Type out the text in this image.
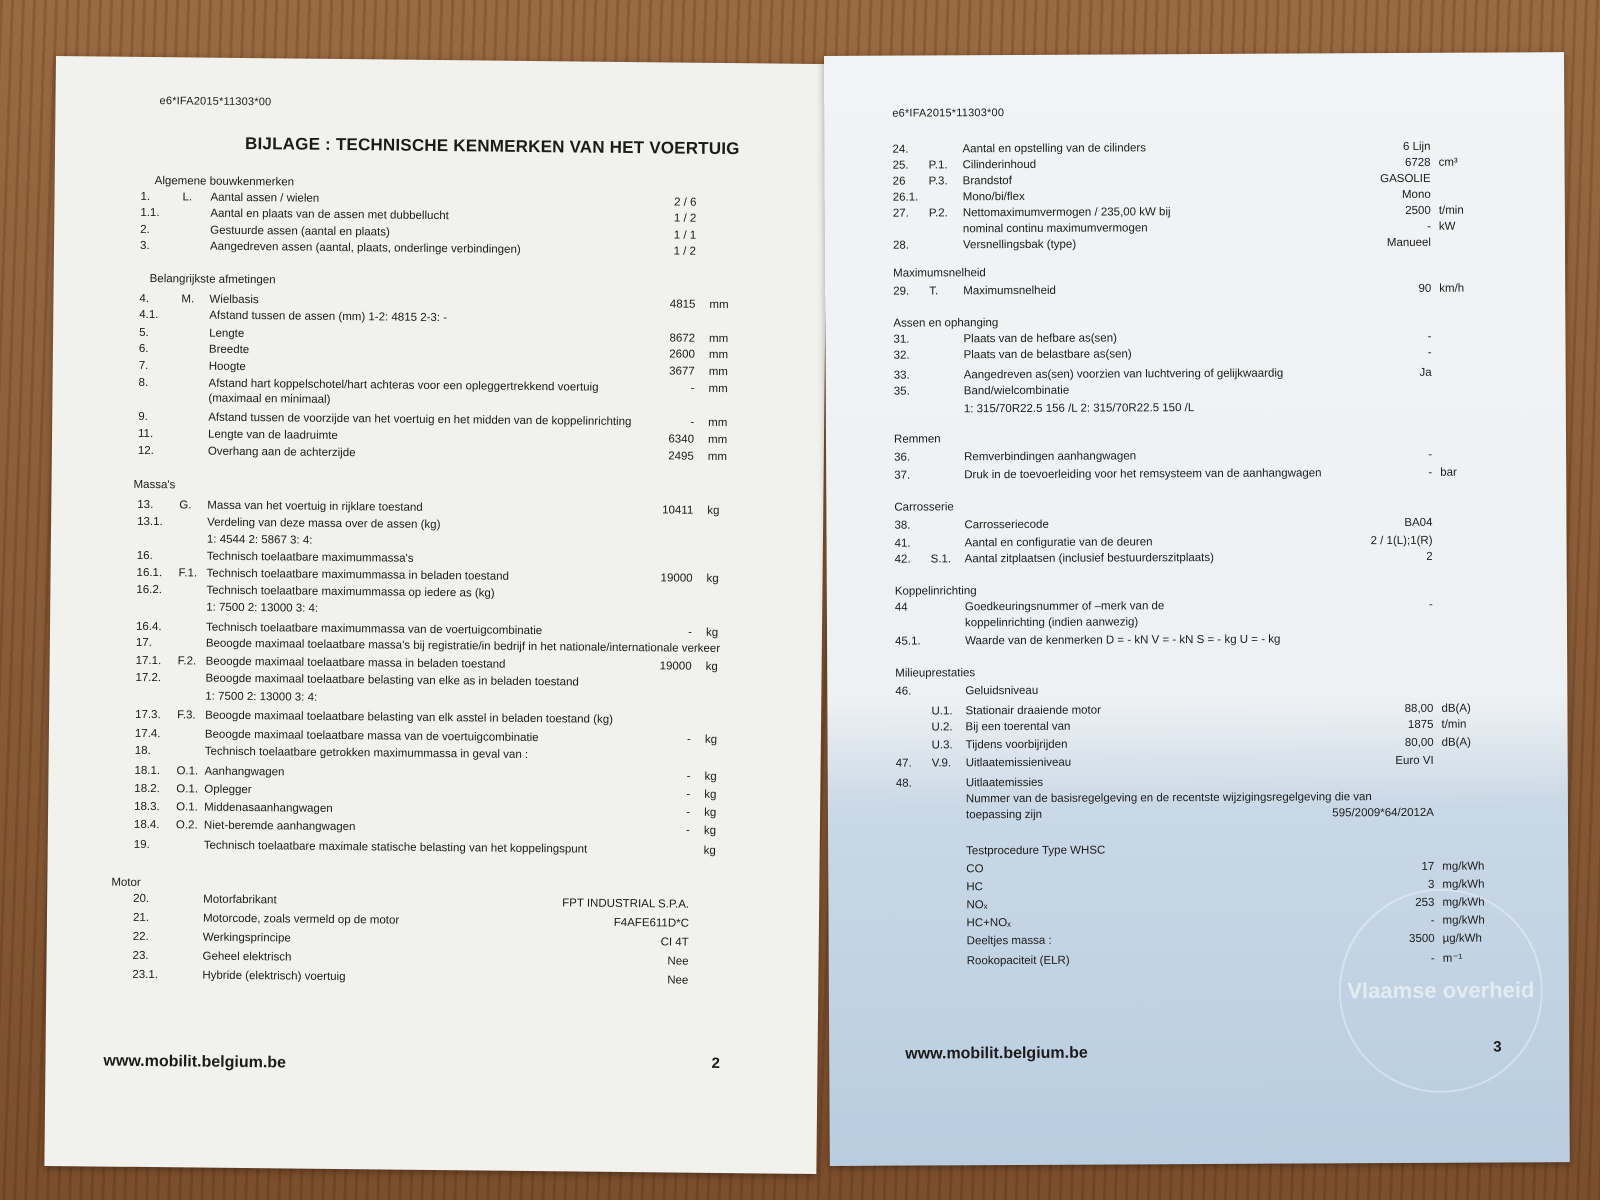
e6*IFA2015*11303*00
BIJLAGE : TECHNISCHE KENMERKEN VAN HET VOERTUIG
Algemene bouwkenmerken
Belangrijkste afmetingen
Massa's
Motor
1.	L. Aantal assen / wielen	2 / 6
1.1.	Aantal en plaats van de assen met dubbellucht	1 / 2
2.	Gestuurde assen (aantal en plaats)	1 / 1
3.	Aangedreven assen (aantal, plaats, onderlinge verbindingen)	1 / 2
4.	M. Wielbasis	4815 mm
4.1.	Afstand tussen de assen (mm) 1-2: 4815 2-3: -
5.	Lengte	8672 mm
6.	Breedte	2600 mm
7.	Hoogte	3677 mm
8.	Afstand hart koppelschotel/hart achteras voor een opleggertrekkend voertuig	- mm
(maximaal en minimaal)
9.	Afstand tussen de voorzijde van het voertuig en het midden van de koppelinrichting	- mm
11.	Lengte van de laadruimte	6340 mm
12.	Overhang aan de achterzijde	2495 mm
13. G. Massa van het voertuig in rijklare toestand	10411 kg
13.1.	Verdeling van deze massa over de assen (kg)
1: 4544 2: 5867 3: 4:
16.	Technisch toelaatbare maximummassa's
16.1. F.1. Technisch toelaatbare maximummassa in beladen toestand	19000 kg
16.2.	Technisch toelaatbare maximummassa op iedere as (kg)
1: 7500 2: 13000 3: 4:
16.4.	Technisch toelaatbare maximummassa van de voertuigcombinatie	- kg
17.	Beoogde maximaal toelaatbare massa's bij registratie/in bedrijf in het nationale/internationale verkeer
17.1. F.2. Beoogde maximaal toelaatbare massa in beladen toestand	19000 kg
17.2.	Beoogde maximaal toelaatbare belasting van elke as in beladen toestand
1: 7500 2: 13000 3: 4:
17.3. F.3. Beoogde maximaal toelaatbare belasting van elk asstel in beladen toestand (kg)
17.4.	Beoogde maximaal toelaatbare massa van de voertuigcombinatie	- kg
18.	Technisch toelaatbare getrokken maximummassa in geval van :
18.1. O.1. Aanhangwagen	- kg
18.2. O.1. Oplegger	- kg
18.3. O.1. Middenasaanhangwagen	- kg
18.4. O.2. Niet-beremde aanhangwagen	- kg
19.	Technisch toelaatbare maximale statische belasting van het koppelingspunt	kg
20.	Motorfabrikant	FPT INDUSTRIAL S.P.A.
21.	Motorcode, zoals vermeld op de motor	F4AFE611D*C
22.	Werkingsprincipe	CI 4T
23.	Geheel elektrisch	Nee
23.1.	Hybride (elektrisch) voertuig	Nee
www.mobilit.belgium.be	2
e6*IFA2015*11303*00
Maximumsnelheid
Assen en ophanging
Remmen
Carrosserie
Koppelinrichting
Milieuprestaties
24.	Aantal en opstelling van de cilinders	6 Lijn
25. P.1. Cilinderinhoud	6728 cm³
26 P.3. Brandstof	GASOLIE
26.1.	Mono/bi/flex	Mono
27. P.2. Nettomaximumvermogen / 235,00 kW bij	2500 t/min
nominal continu maximumvermogen	- kW
28.	Versnellingsbak (type)	Manueel
29. T. Maximumsnelheid	90 km/h
31.	Plaats van de hefbare as(sen)	-
32.	Plaats van de belastbare as(sen)	-
33.	Aangedreven as(sen) voorzien van luchtvering of gelijkwaardig	Ja
35.	Band/wielcombinatie
1: 315/70R22.5 156 /L 2: 315/70R22.5 150 /L
36.	Remverbindingen aanhangwagen	-
37.	Druk in de toevoerleiding voor het remsysteem van de aanhangwagen	- bar
38.	Carrosseriecode	BA04
41.	Aantal en configuratie van de deuren	2 / 1(L);1(R)
42. S.1. Aantal zitplaatsen (inclusief bestuurderszitplaats)	2
44	Goedkeuringsnummer of –merk van de	-
koppelinrichting (indien aanwezig)
45.1.	Waarde van de kenmerken D = - kN V = - kN S = - kg U = - kg
46.	Geluidsniveau
U.1. Stationair draaiende motor	88,00 dB(A)
U.2. Bij een toerental van	1875 t/min
U.3. Tijdens voorbijrijden	80,00 dB(A)
47. V.9. Uitlaatemissieniveau	Euro VI
48.	Uitlaatemissies
Nummer van de basisregelgeving en de recentste wijzigingsregelgeving die van
toepassing zijn	595/2009*64/2012A
Testprocedure Type WHSC
CO	17 mg/kWh
HC	3 mg/kWh
NOₓ	253 mg/kWh
HC+NOₓ	- mg/kWh
Deeltjes massa :	3500 µg/kWh
Rookopaciteit (ELR)	- m⁻¹
Vlaamse overheid
www.mobilit.belgium.be	3
